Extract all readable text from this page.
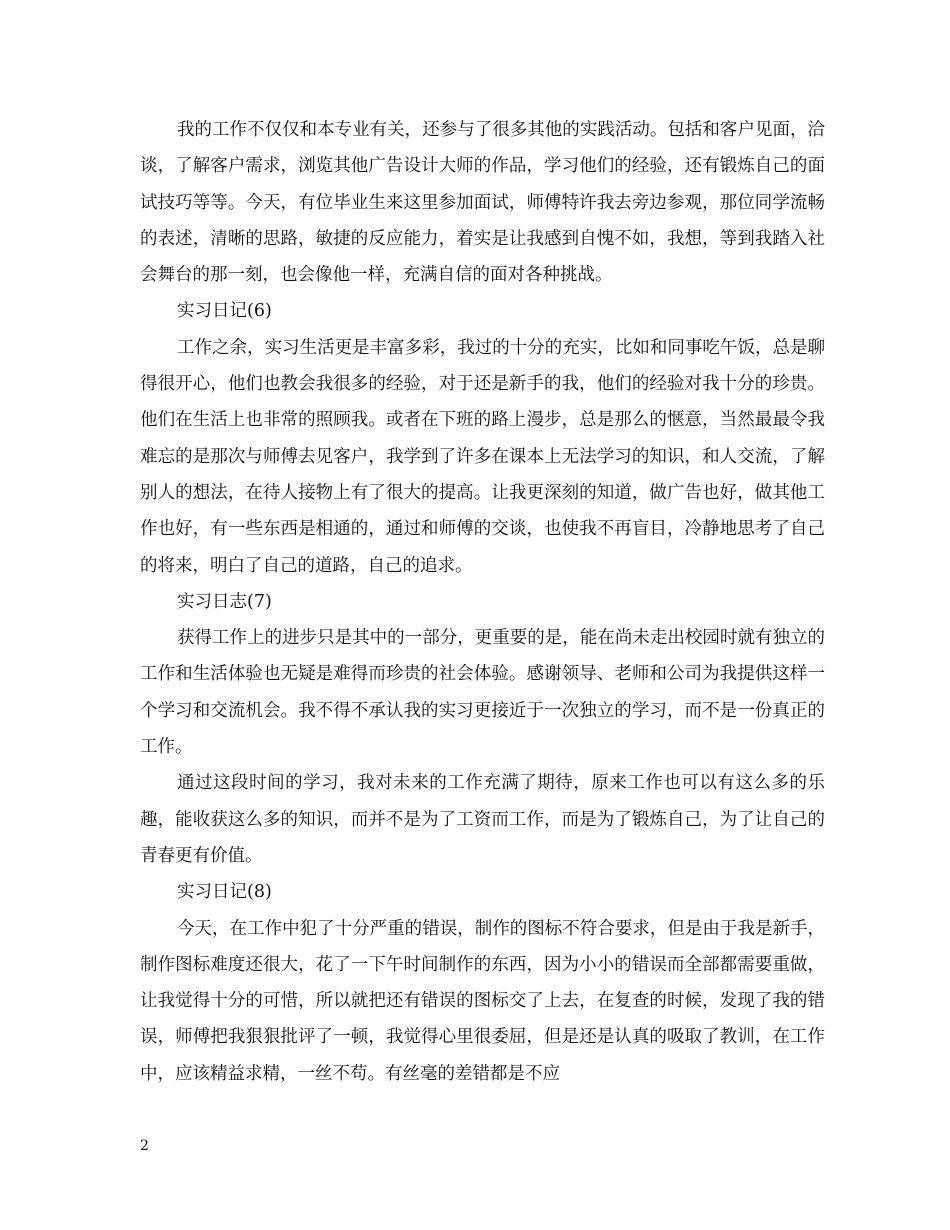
我的工作不仅仅和本专业有关，还参与了很多其他的实践活动。包括和客户见面，洽谈，了解客户需求，浏览其他广告设计大师的作品，学习他们的经验，还有锻炼自己的面试技巧等等。今天，有位毕业生来这里参加面试，师傅特许我去旁边参观，那位同学流畅的表述，清晰的思路，敏捷的反应能力，着实是让我感到自愧不如，我想，等到我踏入社会舞台的那一刻，也会像他一样，充满自信的面对各种挑战。

实习日记(6)

工作之余，实习生活更是丰富多彩，我过的十分的充实，比如和同事吃午饭，总是聊得很开心，他们也教会我很多的经验，对于还是新手的我，他们的经验对我十分的珍贵。他们在生活上也非常的照顾我。或者在下班的路上漫步，总是那么的惬意，当然最最令我难忘的是那次与师傅去见客户，我学到了许多在课本上无法学习的知识，和人交流，了解别人的想法，在待人接物上有了很大的提高。让我更深刻的知道，做广告也好，做其他工作也好，有一些东西是相通的，通过和师傅的交谈，也使我不再盲目，冷静地思考了自己的将来，明白了自己的道路，自己的追求。

实习日志(7)

获得工作上的进步只是其中的一部分，更重要的是，能在尚未走出校园时就有独立的工作和生活体验也无疑是难得而珍贵的社会体验。感谢领导、老师和公司为我提供这样一个学习和交流机会。我不得不承认我的实习更接近于一次独立的学习，而不是一份真正的工作。

通过这段时间的学习，我对未来的工作充满了期待，原来工作也可以有这么多的乐趣，能收获这么多的知识，而并不是为了工资而工作，而是为了锻炼自己，为了让自己的青春更有价值。

实习日记(8)

今天，在工作中犯了十分严重的错误，制作的图标不符合要求，但是由于我是新手，制作图标难度还很大，花了一下午时间制作的东西，因为小小的错误而全部都需要重做，让我觉得十分的可惜，所以就把还有错误的图标交了上去，在复查的时候，发现了我的错误，师傅把我狠狠批评了一顿，我觉得心里很委屈，但是还是认真的吸取了教训，在工作中，应该精益求精，一丝不苟。有丝毫的差错都是不应

2
